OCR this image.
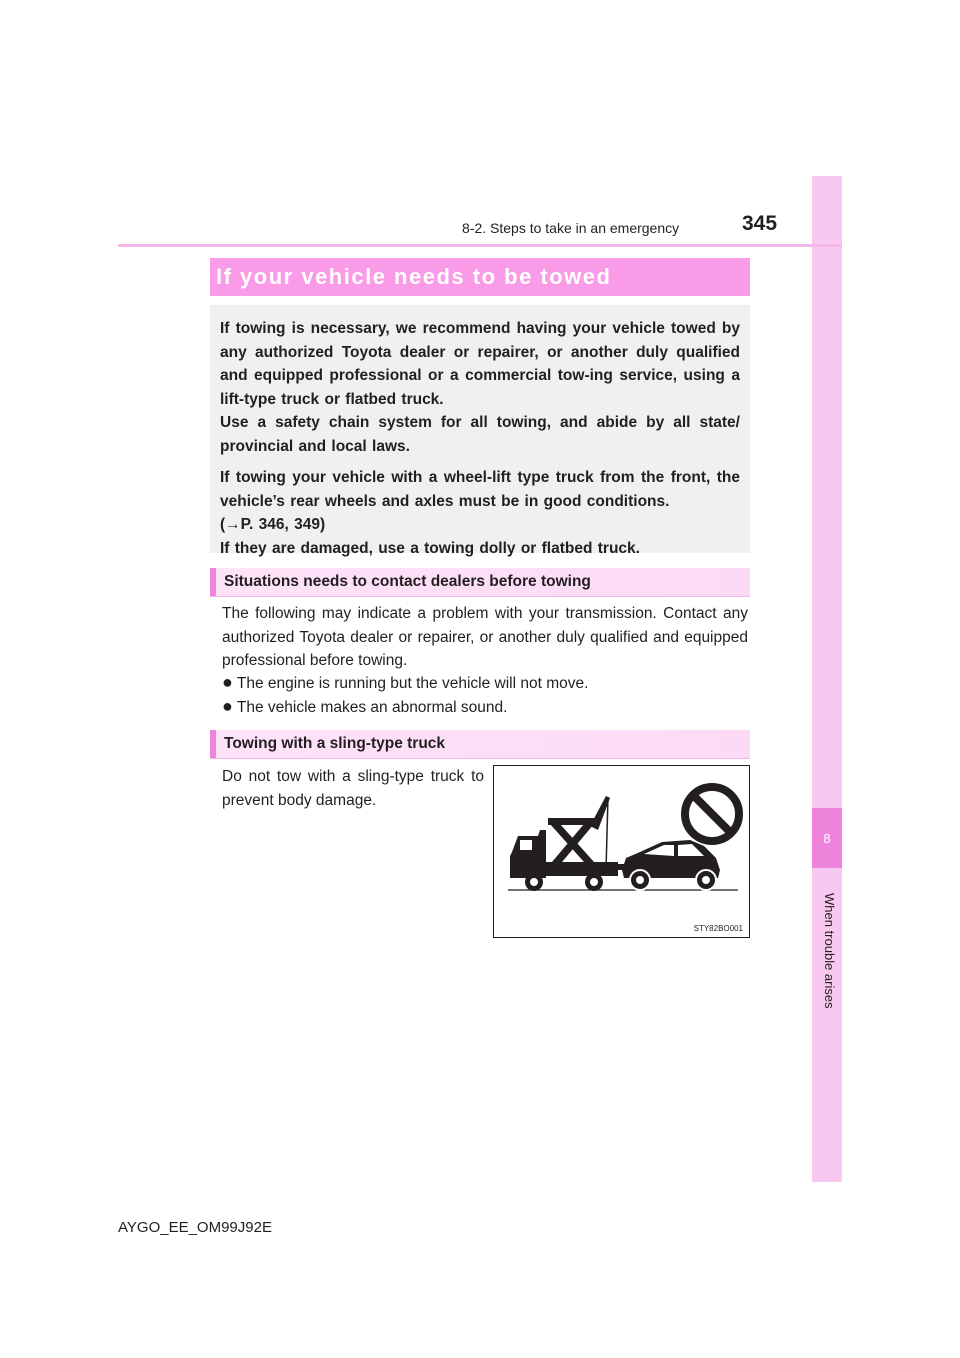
8
When trouble arises
8-2. Steps to take in an emergency	345
If your vehicle needs to be towed

If towing is necessary, we recommend having your vehicle towed by any authorized Toyota dealer or repairer, or another duly qualified and equipped professional or a commercial tow-ing service, using a lift-type truck or flatbed truck.

Use a safety chain system for all towing, and abide by all state/ provincial and local laws.

If towing your vehicle with a wheel-lift type truck from the front, the vehicle’s rear wheels and axles must be in good conditions.
(→P. 346, 349)
If they are damaged, use a towing dolly or flatbed truck.

Situations needs to contact dealers before towing
The following may indicate a problem with your transmission. Contact any authorized Toyota dealer or repairer, or another duly qualified and equipped professional before towing.
● The engine is running but the vehicle will not move.
● The vehicle makes an abnormal sound.
Towing with a sling-type truck
Do not tow with a sling-type truck to prevent body damage.
STY82BO001
AYGO_EE_OM99J92E
